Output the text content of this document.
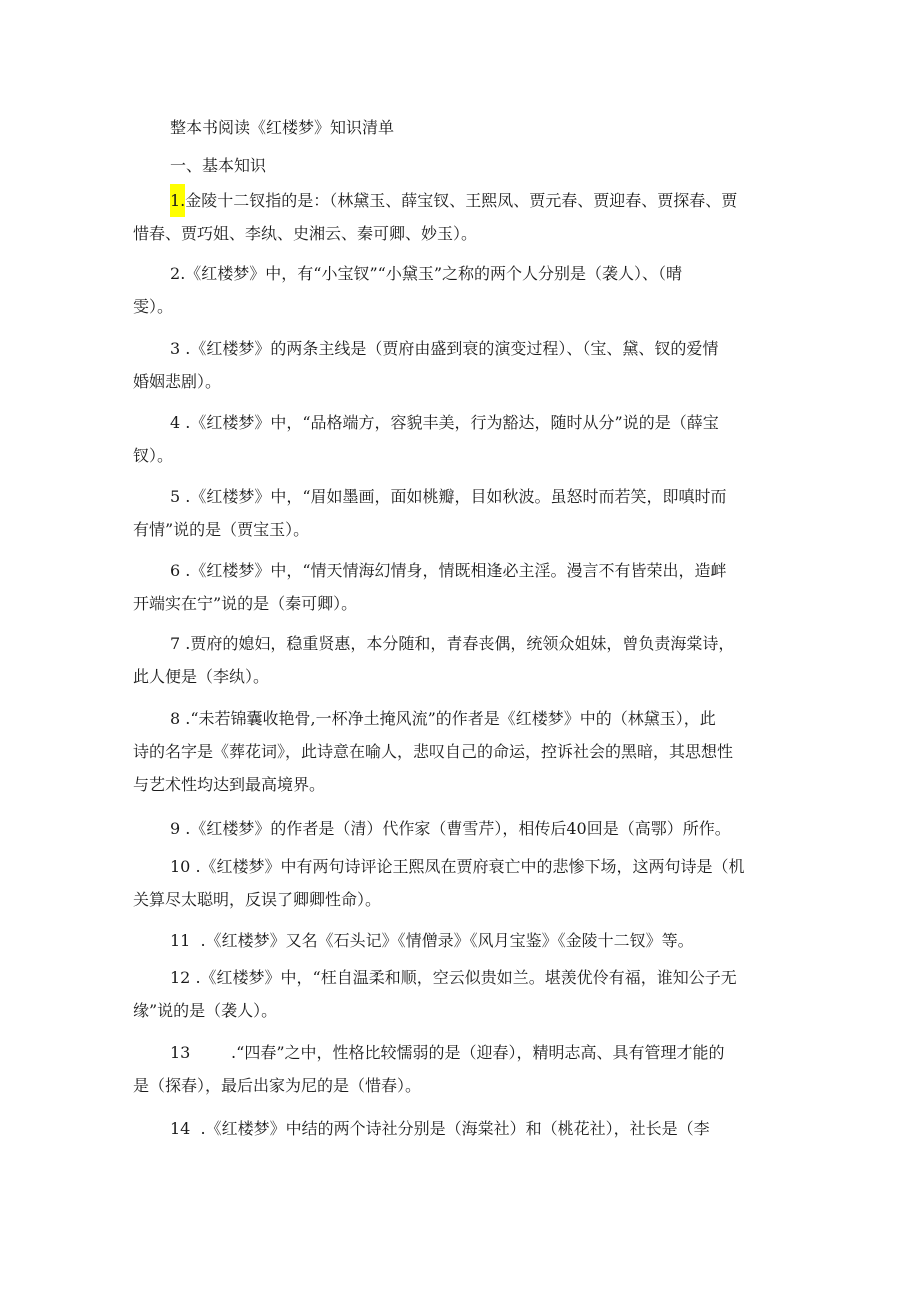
整本书阅读《红楼梦》知识清单
一、基本知识
1.金陵十二钗指的是：（林黛玉、薛宝钗、王熙凤、贾元春、贾迎春、贾探春、贾
惜春、贾巧姐、李纨、史湘云、秦可卿、妙玉）。
2.《红楼梦》中，有“小宝钗”“小黛玉”之称的两个人分别是（袭人）、（晴
雯）。
3 .《红楼梦》的两条主线是（贾府由盛到衰的演变过程）、（宝、黛、钗的爱情
婚姻悲剧）。
4 .《红楼梦》中，“品格端方，容貌丰美，行为豁达，随时从分”说的是（薛宝
钗）。
5 .《红楼梦》中，“眉如墨画，面如桃瓣，目如秋波。虽怒时而若笑，即嗔时而
有情”说的是（贾宝玉）。
6 .《红楼梦》中，“情天情海幻情身，情既相逢必主淫。漫言不有皆荣出，造衅
开端实在宁”说的是（秦可卿）。
7 .贾府的媳妇，稳重贤惠，本分随和，青春丧偶，统领众姐妹，曾负责海棠诗，
此人便是（李纨）。
8 .“未若锦囊收艳骨,一杯净土掩风流”的作者是《红楼梦》中的（林黛玉），此
诗的名字是《葬花词》，此诗意在喻人，悲叹自己的命运，控诉社会的黑暗，其思想性
与艺术性均达到最高境界。
9 .《红楼梦》的作者是（清）代作家（曹雪芹），相传后40回是（高鄂）所作。
10 .《红楼梦》中有两句诗评论王熙凤在贾府衰亡中的悲惨下场，这两句诗是（机
关算尽太聪明，反误了卿卿性命）。
11  .《红楼梦》又名《石头记》《情僧录》《风月宝鉴》《金陵十二钗》等。
12 .《红楼梦》中，“枉自温柔和顺，空云似贵如兰。堪羡优伶有福，谁知公子无
缘”说的是（袭人）。
13        .“四春”之中，性格比较懦弱的是（迎春），精明志高、具有管理才能的
是（探春），最后出家为尼的是（惜春）。
14  .《红楼梦》中结的两个诗社分别是（海棠社）和（桃花社），社长是（李
